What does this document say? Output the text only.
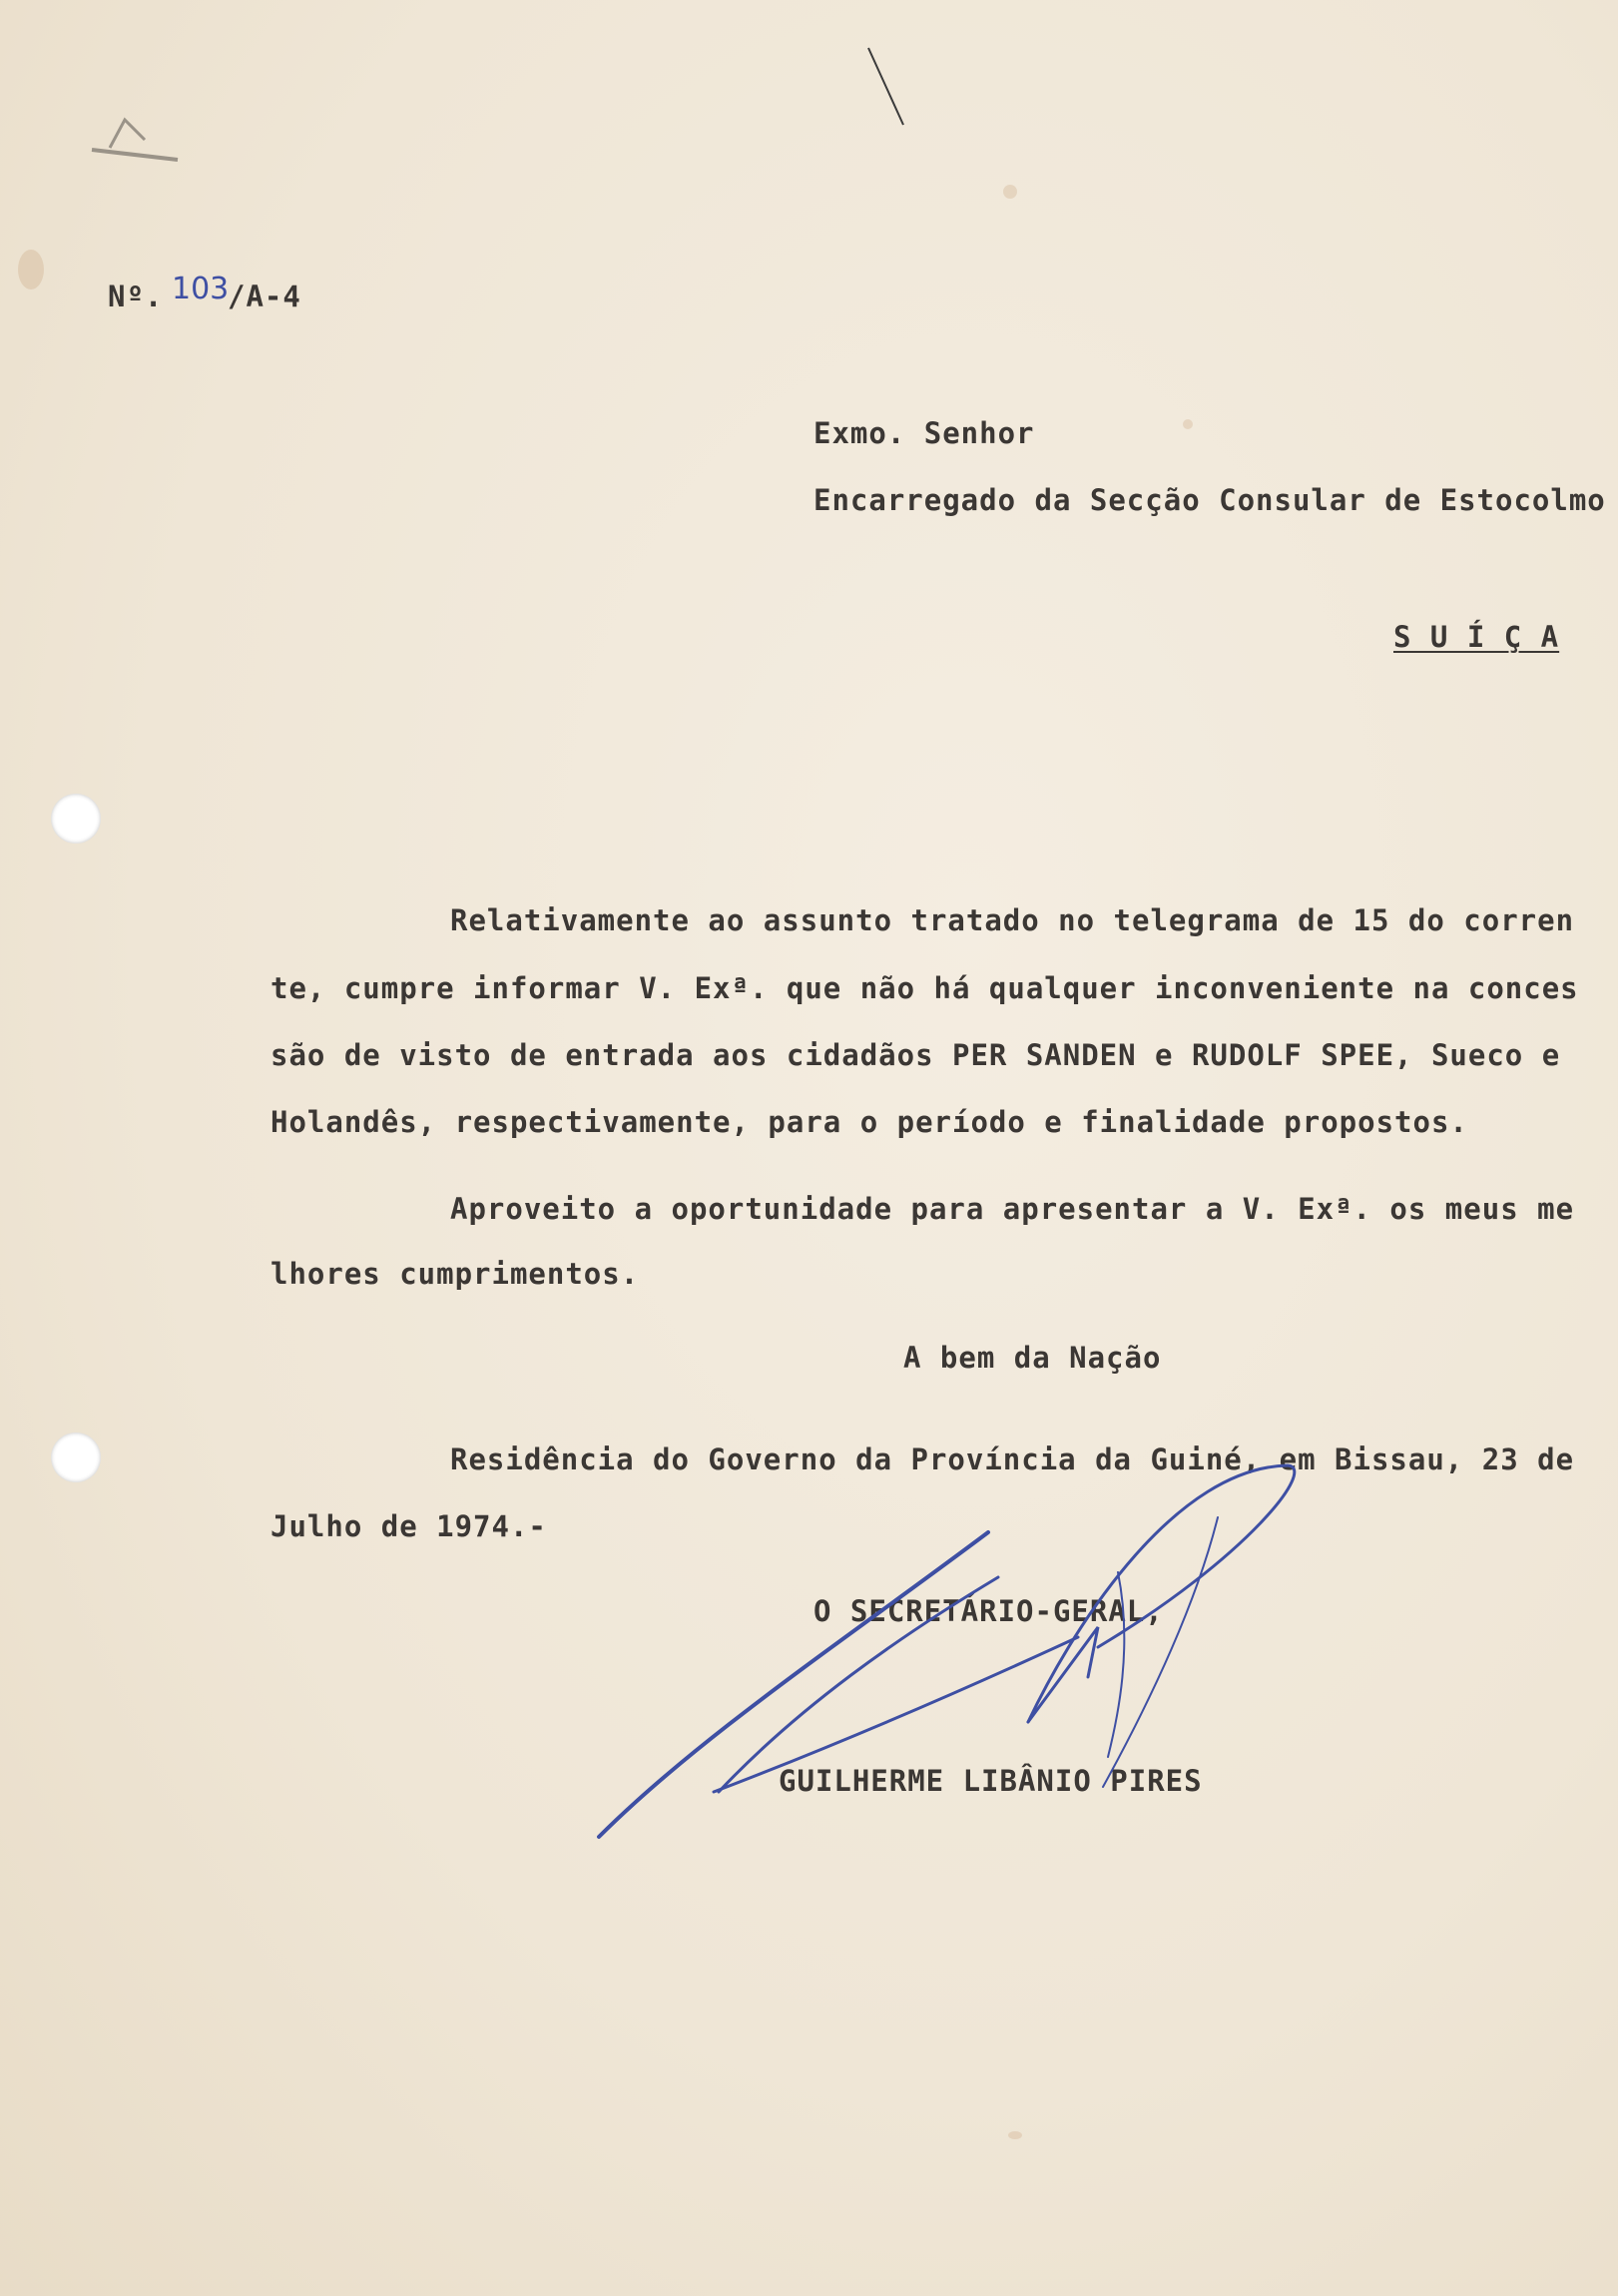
Nº. 103
/A-4
Exmo. Senhor
Encarregado da Secção Consular de Estocolmo
S U Í Ç A
Relativamente ao assunto tratado no telegrama de 15 do corren
te, cumpre informar V. Exª. que não há qualquer inconveniente na conces
são de visto de entrada aos cidadãos PER SANDEN e RUDOLF SPEE, Sueco e
Holandês, respectivamente, para o período e finalidade propostos.
Aproveito a oportunidade para apresentar a V. Exª. os meus me
lhores cumprimentos.
A bem da Nação
Residência do Governo da Província da Guiné, em Bissau, 23 de
Julho de 1974.-
O SECRETÁRIO-GERAL,
GUILHERME LIBÂNIO PIRES
